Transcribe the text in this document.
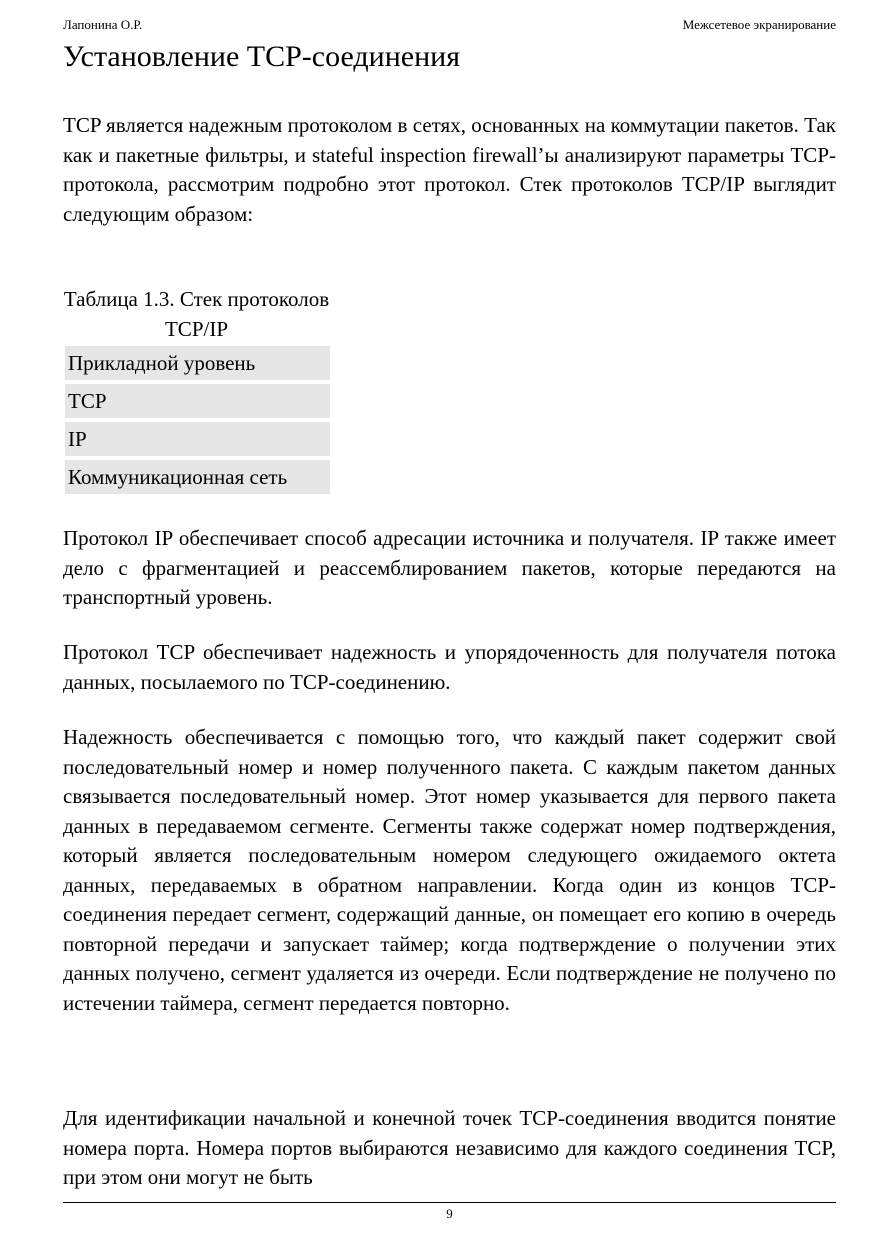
Лапонина О.Р.	Межсетевое экранирование
Установление TCP-соединения

TCP является надежным протоколом в сетях, основанных на коммутации пакетов. Так как и пакетные фильтры, и stateful inspection firewall’ы анализируют параметры TCP-протокола, рассмотрим подробно этот протокол. Стек протоколов TCP/IP выглядит следующим образом:

Таблица 1.3. Стек протоколов TCP/IP
Прикладной уровень
TCP
IP
Коммуникационная сеть

Протокол IP обеспечивает способ адресации источника и получателя. IP также имеет дело с фрагментацией и реассемблированием пакетов, которые передаются на транспортный уровень.

Протокол TCP обеспечивает надежность и упорядоченность для получателя потока данных, посылаемого по TCP-соединению.

Надежность обеспечивается с помощью того, что каждый пакет содержит свой последовательный номер и номер полученного пакета. С каждым пакетом данных связывается последовательный номер. Этот номер указывается для первого пакета данных в передаваемом сегменте. Сегменты также содержат номер подтверждения, который является последовательным номером следующего ожидаемого октета данных, передаваемых в обратном направлении. Когда один из концов TCP-соединения передает сегмент, содержащий данные, он помещает его копию в очередь повторной передачи и запускает таймер; когда подтверждение о получении этих данных получено, сегмент удаляется из очереди. Если подтверждение не получено по истечении таймера, сегмент передается повторно.

Для идентификации начальной и конечной точек TCP-соединения вводится понятие номера порта. Номера портов выбираются независимо для каждого соединения TCP, при этом они могут не быть

9
